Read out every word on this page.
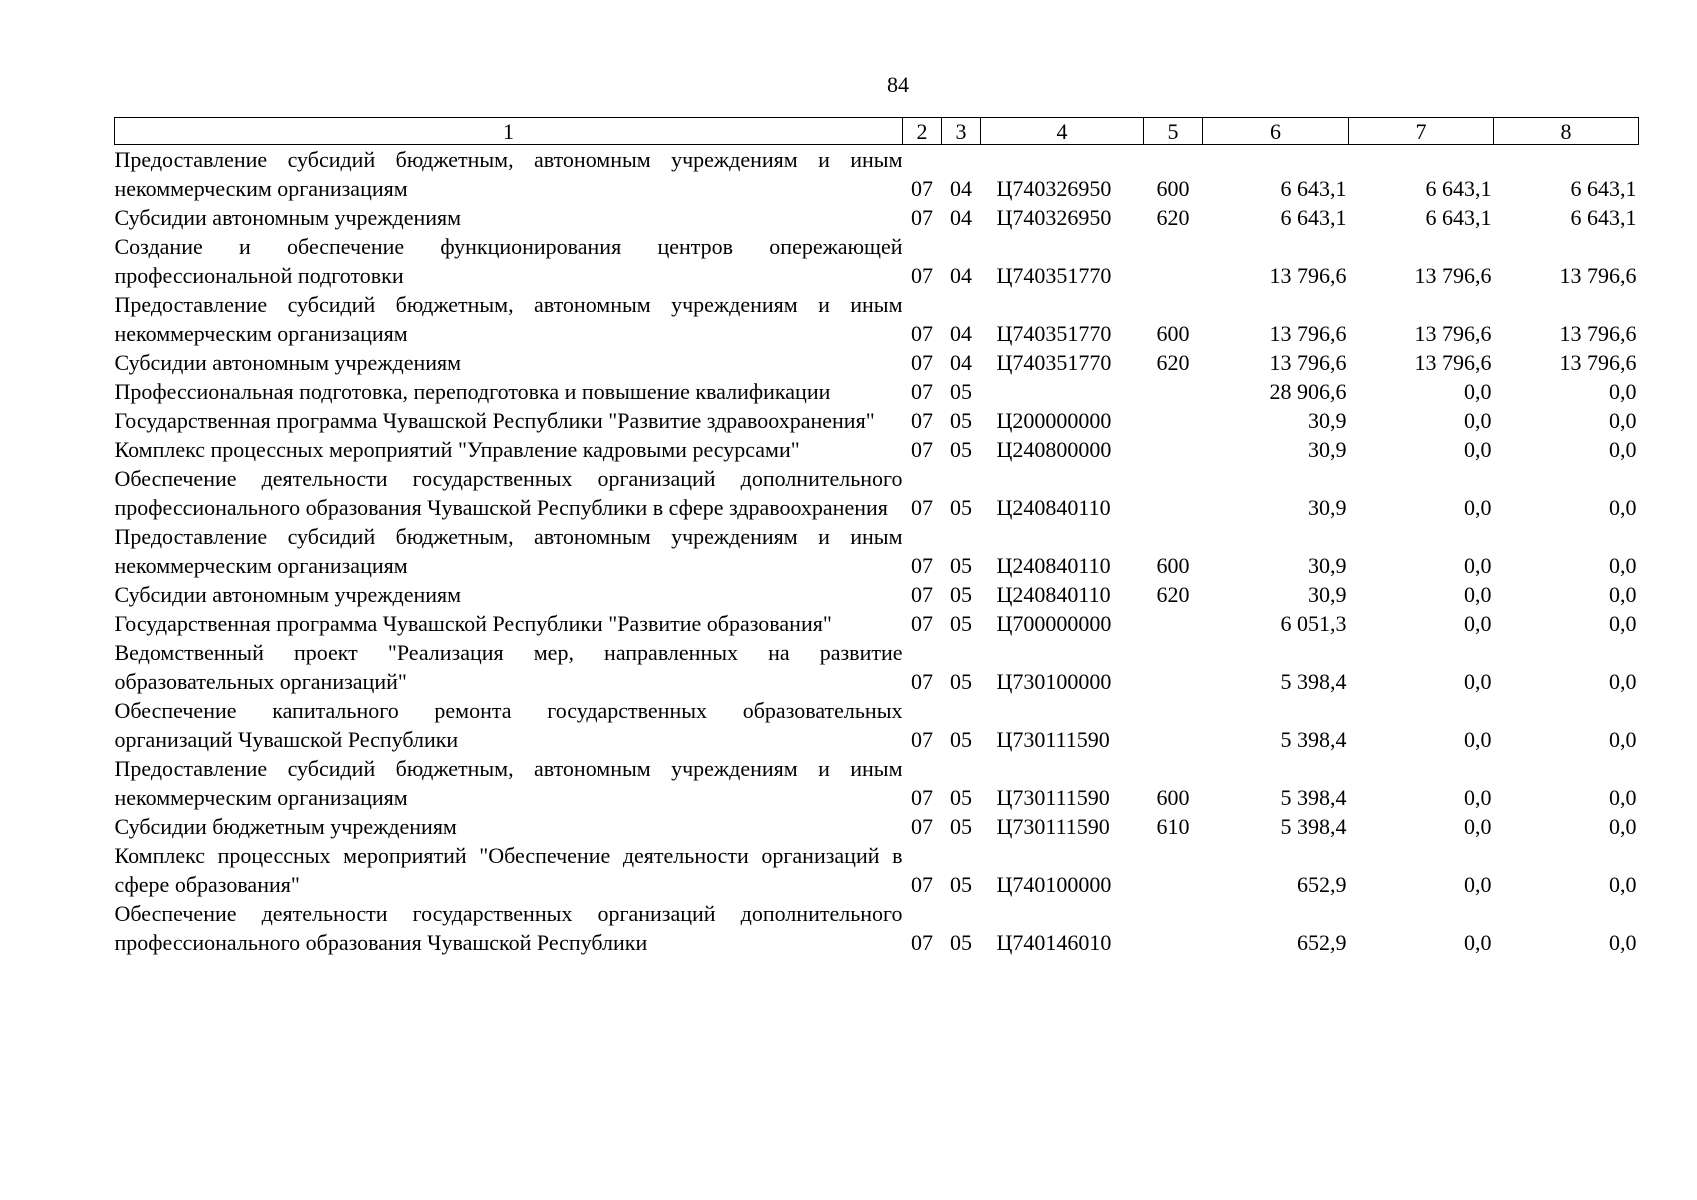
84
1	2	3	4	5	6	7	8
Предоставление субсидий бюджетным, автономным учреждениям и иным некоммерческим организациям	07	04	Ц740326950	600	6 643,1	6 643,1	6 643,1
Субсидии автономным учреждениям	07	04	Ц740326950	620	6 643,1	6 643,1	6 643,1
Создание и обеспечение функционирования центров опережающей профессиональной подготовки	07	04	Ц740351770		13 796,6	13 796,6	13 796,6
Предоставление субсидий бюджетным, автономным учреждениям и иным некоммерческим организациям	07	04	Ц740351770	600	13 796,6	13 796,6	13 796,6
Субсидии автономным учреждениям	07	04	Ц740351770	620	13 796,6	13 796,6	13 796,6
Профессиональная подготовка, переподготовка и повышение квалификации	07	05			28 906,6	0,0	0,0
Государственная программа Чувашской Республики "Развитие здравоохранения"	07	05	Ц200000000		30,9	0,0	0,0
Комплекс процессных мероприятий "Управление кадровыми ресурсами"	07	05	Ц240800000		30,9	0,0	0,0
Обеспечение деятельности государственных организаций дополнительного профессионального образования Чувашской Республики в сфере здравоохранения	07	05	Ц240840110		30,9	0,0	0,0
Предоставление субсидий бюджетным, автономным учреждениям и иным некоммерческим организациям	07	05	Ц240840110	600	30,9	0,0	0,0
Субсидии автономным учреждениям	07	05	Ц240840110	620	30,9	0,0	0,0
Государственная программа Чувашской Республики "Развитие образования"	07	05	Ц700000000		6 051,3	0,0	0,0
Ведомственный проект "Реализация мер, направленных на развитие образовательных организаций"	07	05	Ц730100000		5 398,4	0,0	0,0
Обеспечение капитального ремонта государственных образовательных организаций Чувашской Республики	07	05	Ц730111590		5 398,4	0,0	0,0
Предоставление субсидий бюджетным, автономным учреждениям и иным некоммерческим организациям	07	05	Ц730111590	600	5 398,4	0,0	0,0
Субсидии бюджетным учреждениям	07	05	Ц730111590	610	5 398,4	0,0	0,0
Комплекс процессных мероприятий "Обеспечение деятельности организаций в сфере образования"	07	05	Ц740100000		652,9	0,0	0,0
Обеспечение деятельности государственных организаций дополнительного профессионального образования Чувашской Республики	07	05	Ц740146010		652,9	0,0	0,0
